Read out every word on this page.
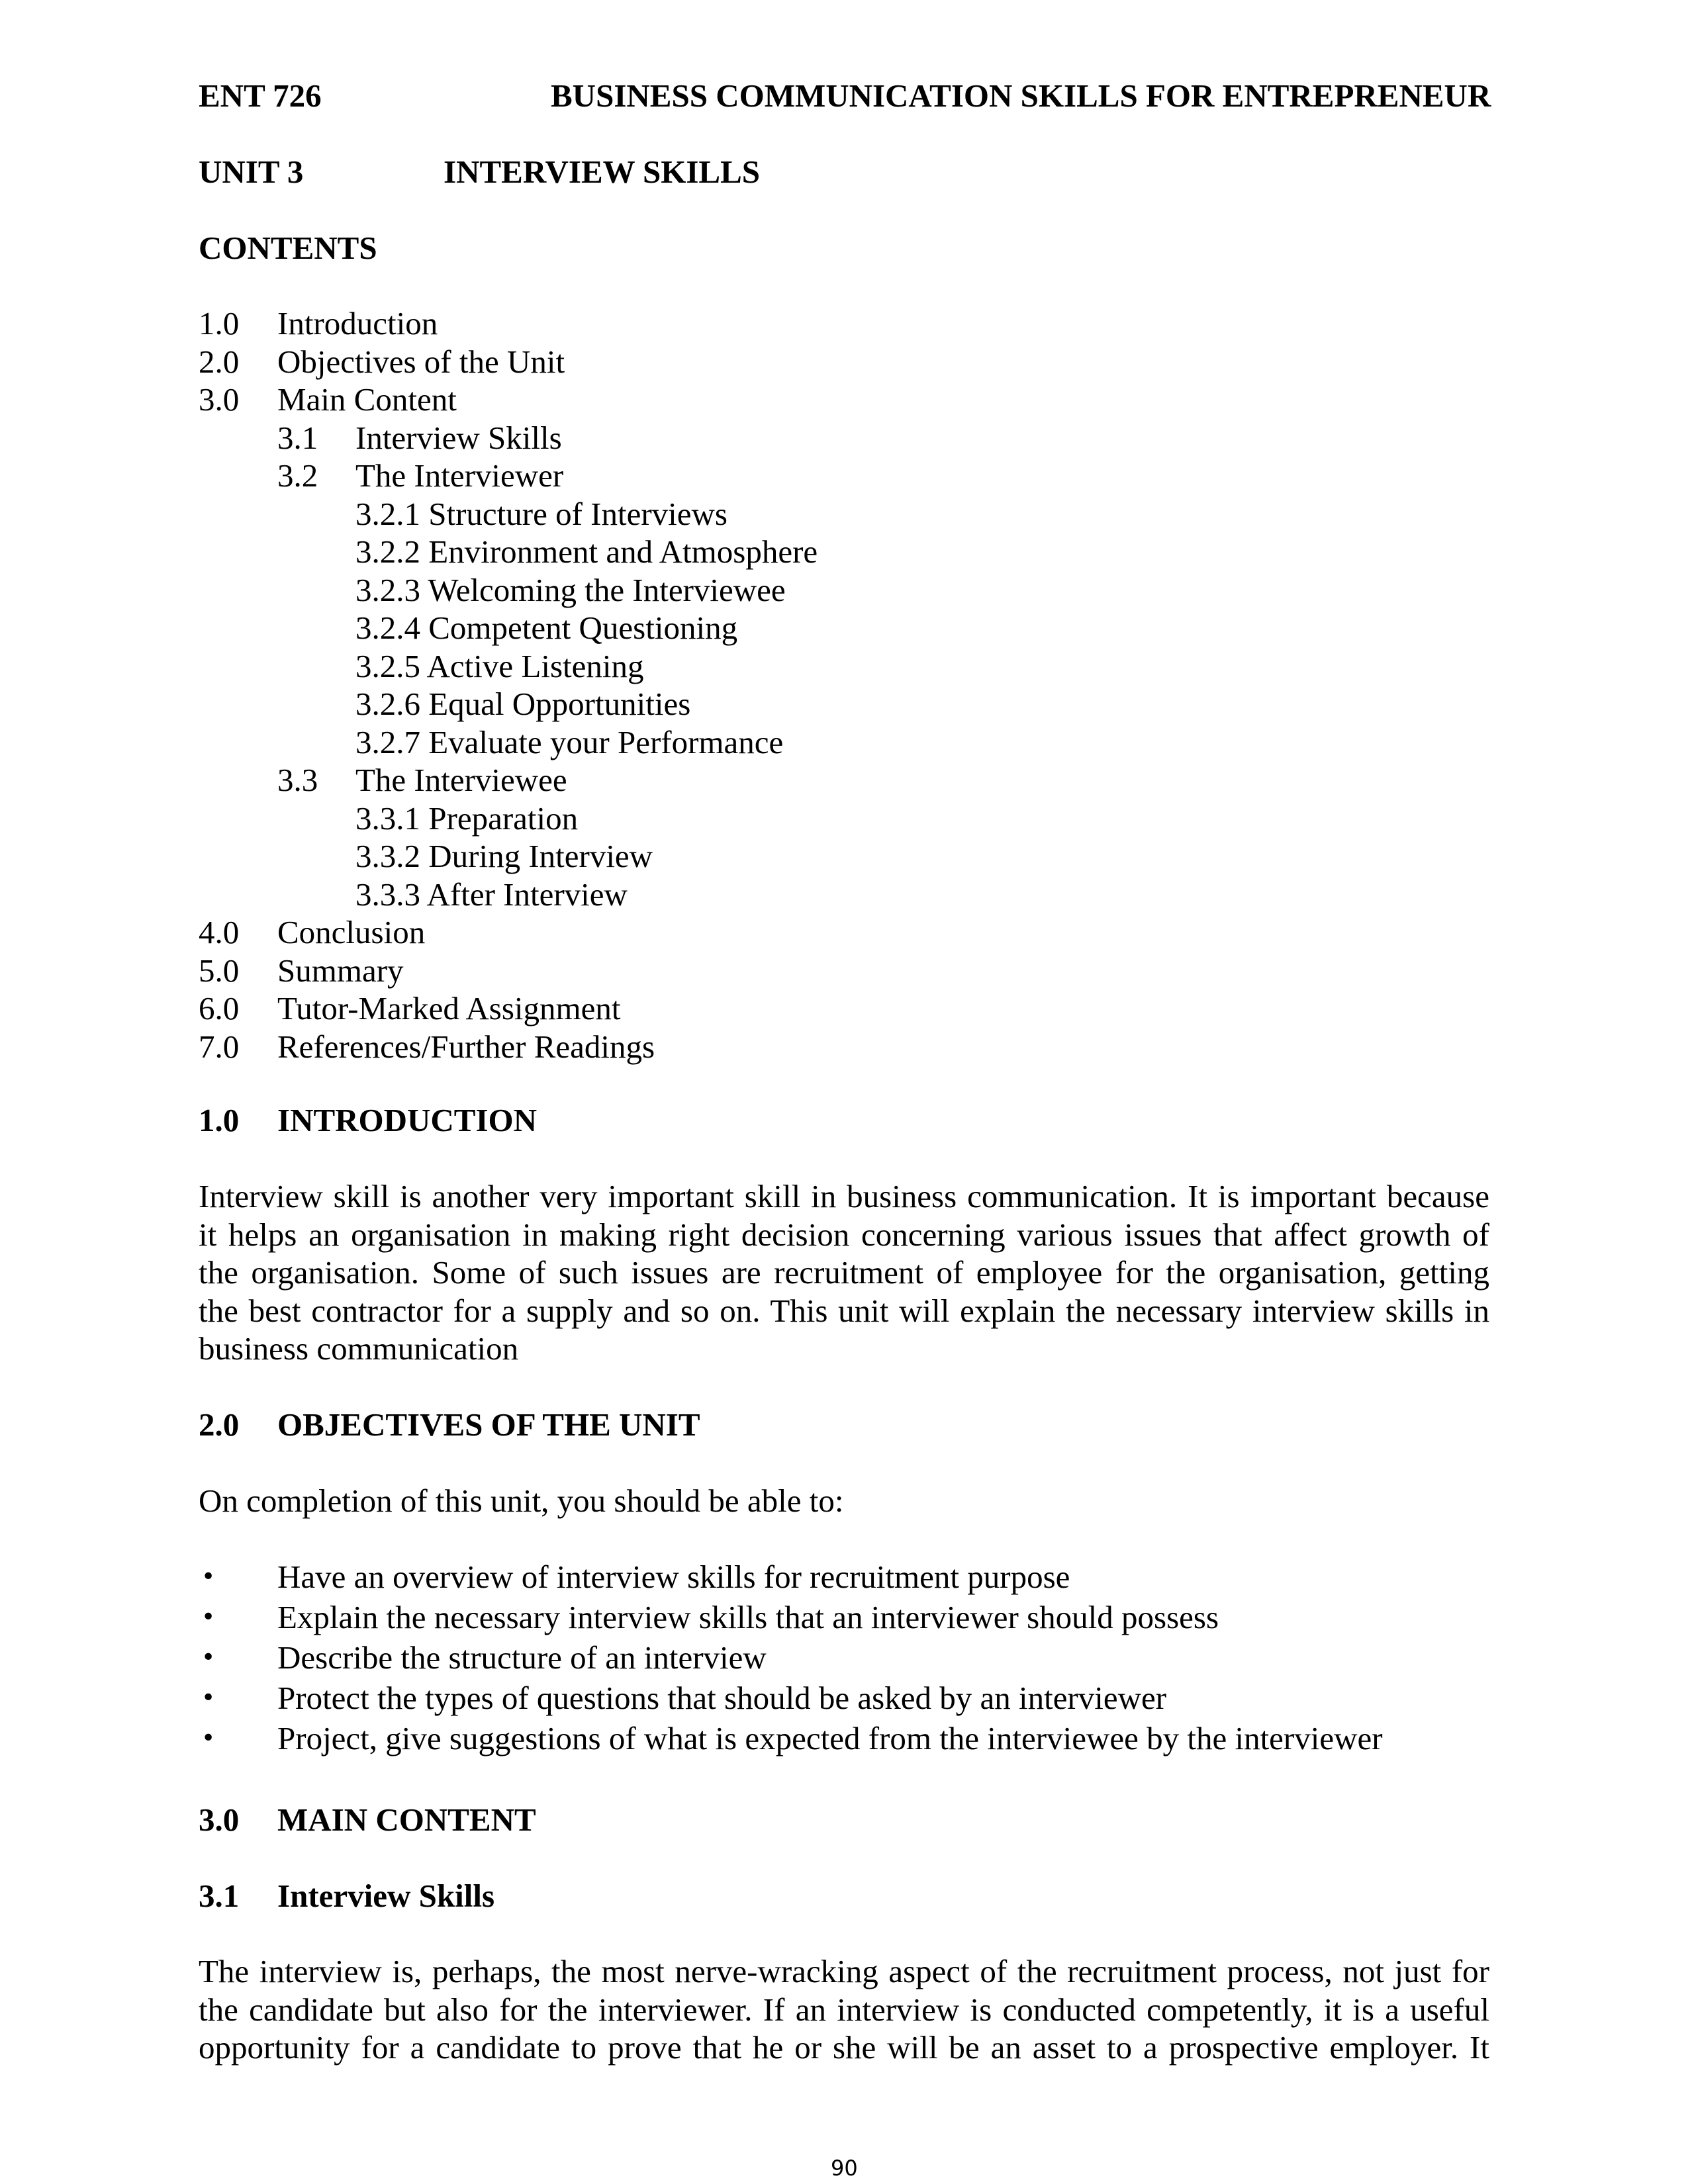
ENT 726	BUSINESS COMMUNICATION SKILLS FOR ENTREPRENEUR
UNIT 3	INTERVIEW SKILLS
CONTENTS
1.0 Introduction
2.0 Objectives of the Unit
3.0 Main Content
3.1 Interview Skills
3.2 The Interviewer
3.2.1 Structure of Interviews
3.2.2 Environment and Atmosphere
3.2.3 Welcoming the Interviewee
3.2.4 Competent Questioning
3.2.5 Active Listening
3.2.6 Equal Opportunities
3.2.7 Evaluate your Performance
3.3 The Interviewee
3.3.1 Preparation
3.3.2 During Interview
3.3.3 After Interview
4.0 Conclusion
5.0 Summary
6.0 Tutor-Marked Assignment
7.0 References/Further Readings
1.0 INTRODUCTION
Interview skill is another very important skill in business communication. It is important because
it helps an organisation in making right decision concerning various issues that affect growth of
the organisation. Some of such issues are recruitment of employee for the organisation, getting
the best contractor for a supply and so on. This unit will explain the necessary interview skills in
business communication
2.0 OBJECTIVES OF THE UNIT
On completion of this unit, you should be able to:
• Have an overview of interview skills for recruitment purpose
• Explain the necessary interview skills that an interviewer should possess
• Describe the structure of an interview
• Protect the types of questions that should be asked by an interviewer
• Project, give suggestions of what is expected from the interviewee by the interviewer
3.0 MAIN CONTENT
3.1 Interview Skills
The interview is, perhaps, the most nerve-wracking aspect of the recruitment process, not just for
the candidate but also for the interviewer. If an interview is conducted competently, it is a useful
opportunity for a candidate to prove that he or she will be an asset to a prospective employer. It
90
